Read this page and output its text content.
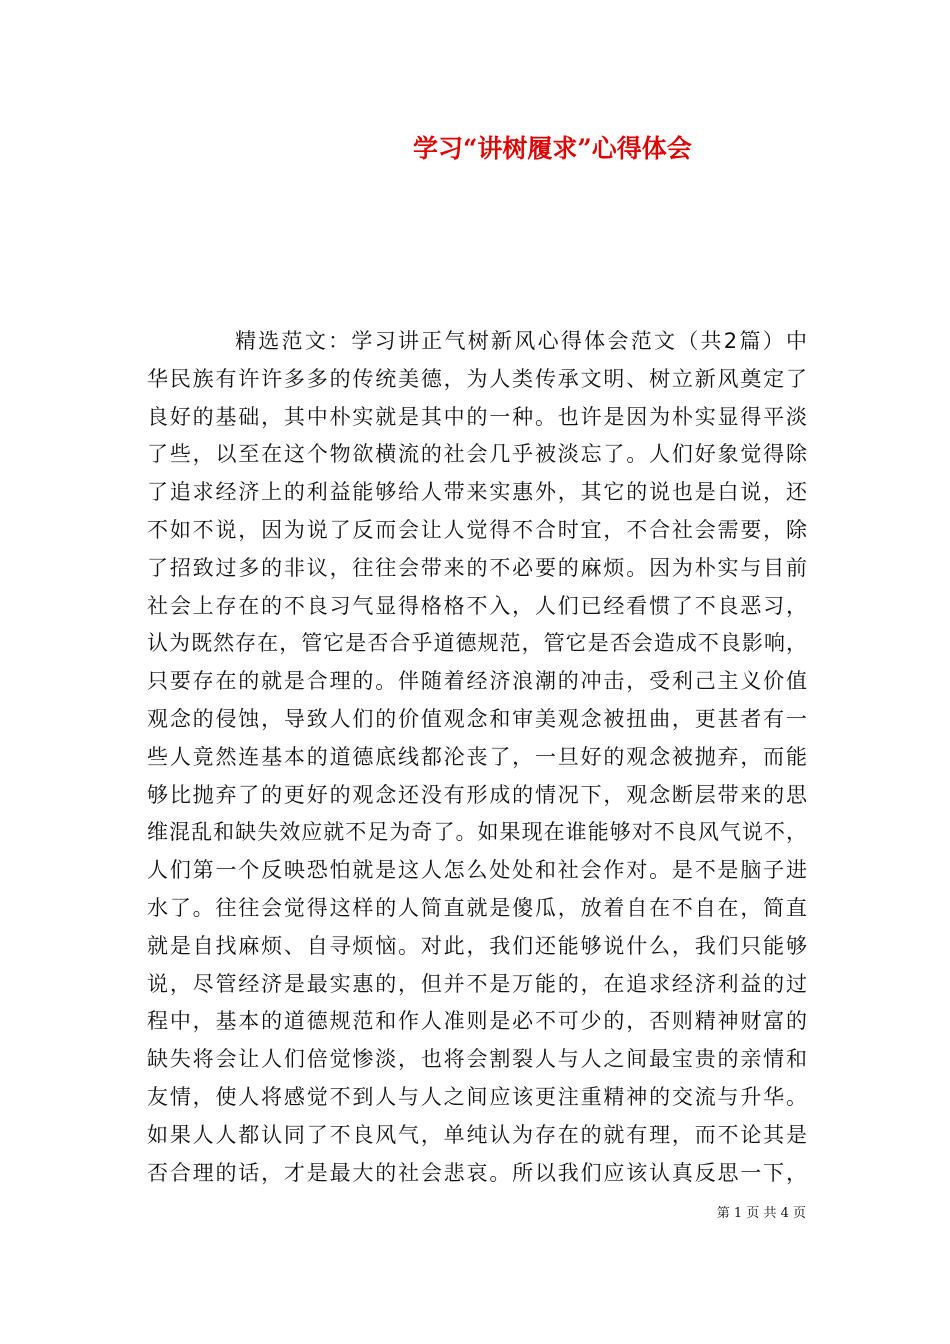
学习“讲树履求”心得体会
精选范文：学习讲正气树新风心得体会范文（共2篇）中
华民族有许许多多的传统美德，为人类传承文明、树立新风奠定了
良好的基础，其中朴实就是其中的一种。也许是因为朴实显得平淡
了些，以至在这个物欲横流的社会几乎被淡忘了。人们好象觉得除
了追求经济上的利益能够给人带来实惠外，其它的说也是白说，还
不如不说，因为说了反而会让人觉得不合时宜，不合社会需要，除
了招致过多的非议，往往会带来的不必要的麻烦。因为朴实与目前
社会上存在的不良习气显得格格不入，人们已经看惯了不良恶习，
认为既然存在，管它是否合乎道德规范，管它是否会造成不良影响，
只要存在的就是合理的。伴随着经济浪潮的冲击，受利己主义价值
观念的侵蚀，导致人们的价值观念和审美观念被扭曲，更甚者有一
些人竟然连基本的道德底线都沦丧了，一旦好的观念被抛弃，而能
够比抛弃了的更好的观念还没有形成的情况下，观念断层带来的思
维混乱和缺失效应就不足为奇了。如果现在谁能够对不良风气说不，
人们第一个反映恐怕就是这人怎么处处和社会作对。是不是脑子进
水了。往往会觉得这样的人简直就是傻瓜，放着自在不自在，简直
就是自找麻烦、自寻烦恼。对此，我们还能够说什么，我们只能够
说，尽管经济是最实惠的，但并不是万能的，在追求经济利益的过
程中，基本的道德规范和作人准则是必不可少的，否则精神财富的
缺失将会让人们倍觉惨淡，也将会割裂人与人之间最宝贵的亲情和
友情，使人将感觉不到人与人之间应该更注重精神的交流与升华。
如果人人都认同了不良风气，单纯认为存在的就有理，而不论其是
否合理的话，才是最大的社会悲哀。所以我们应该认真反思一下，
第 1 页 共 4 页
